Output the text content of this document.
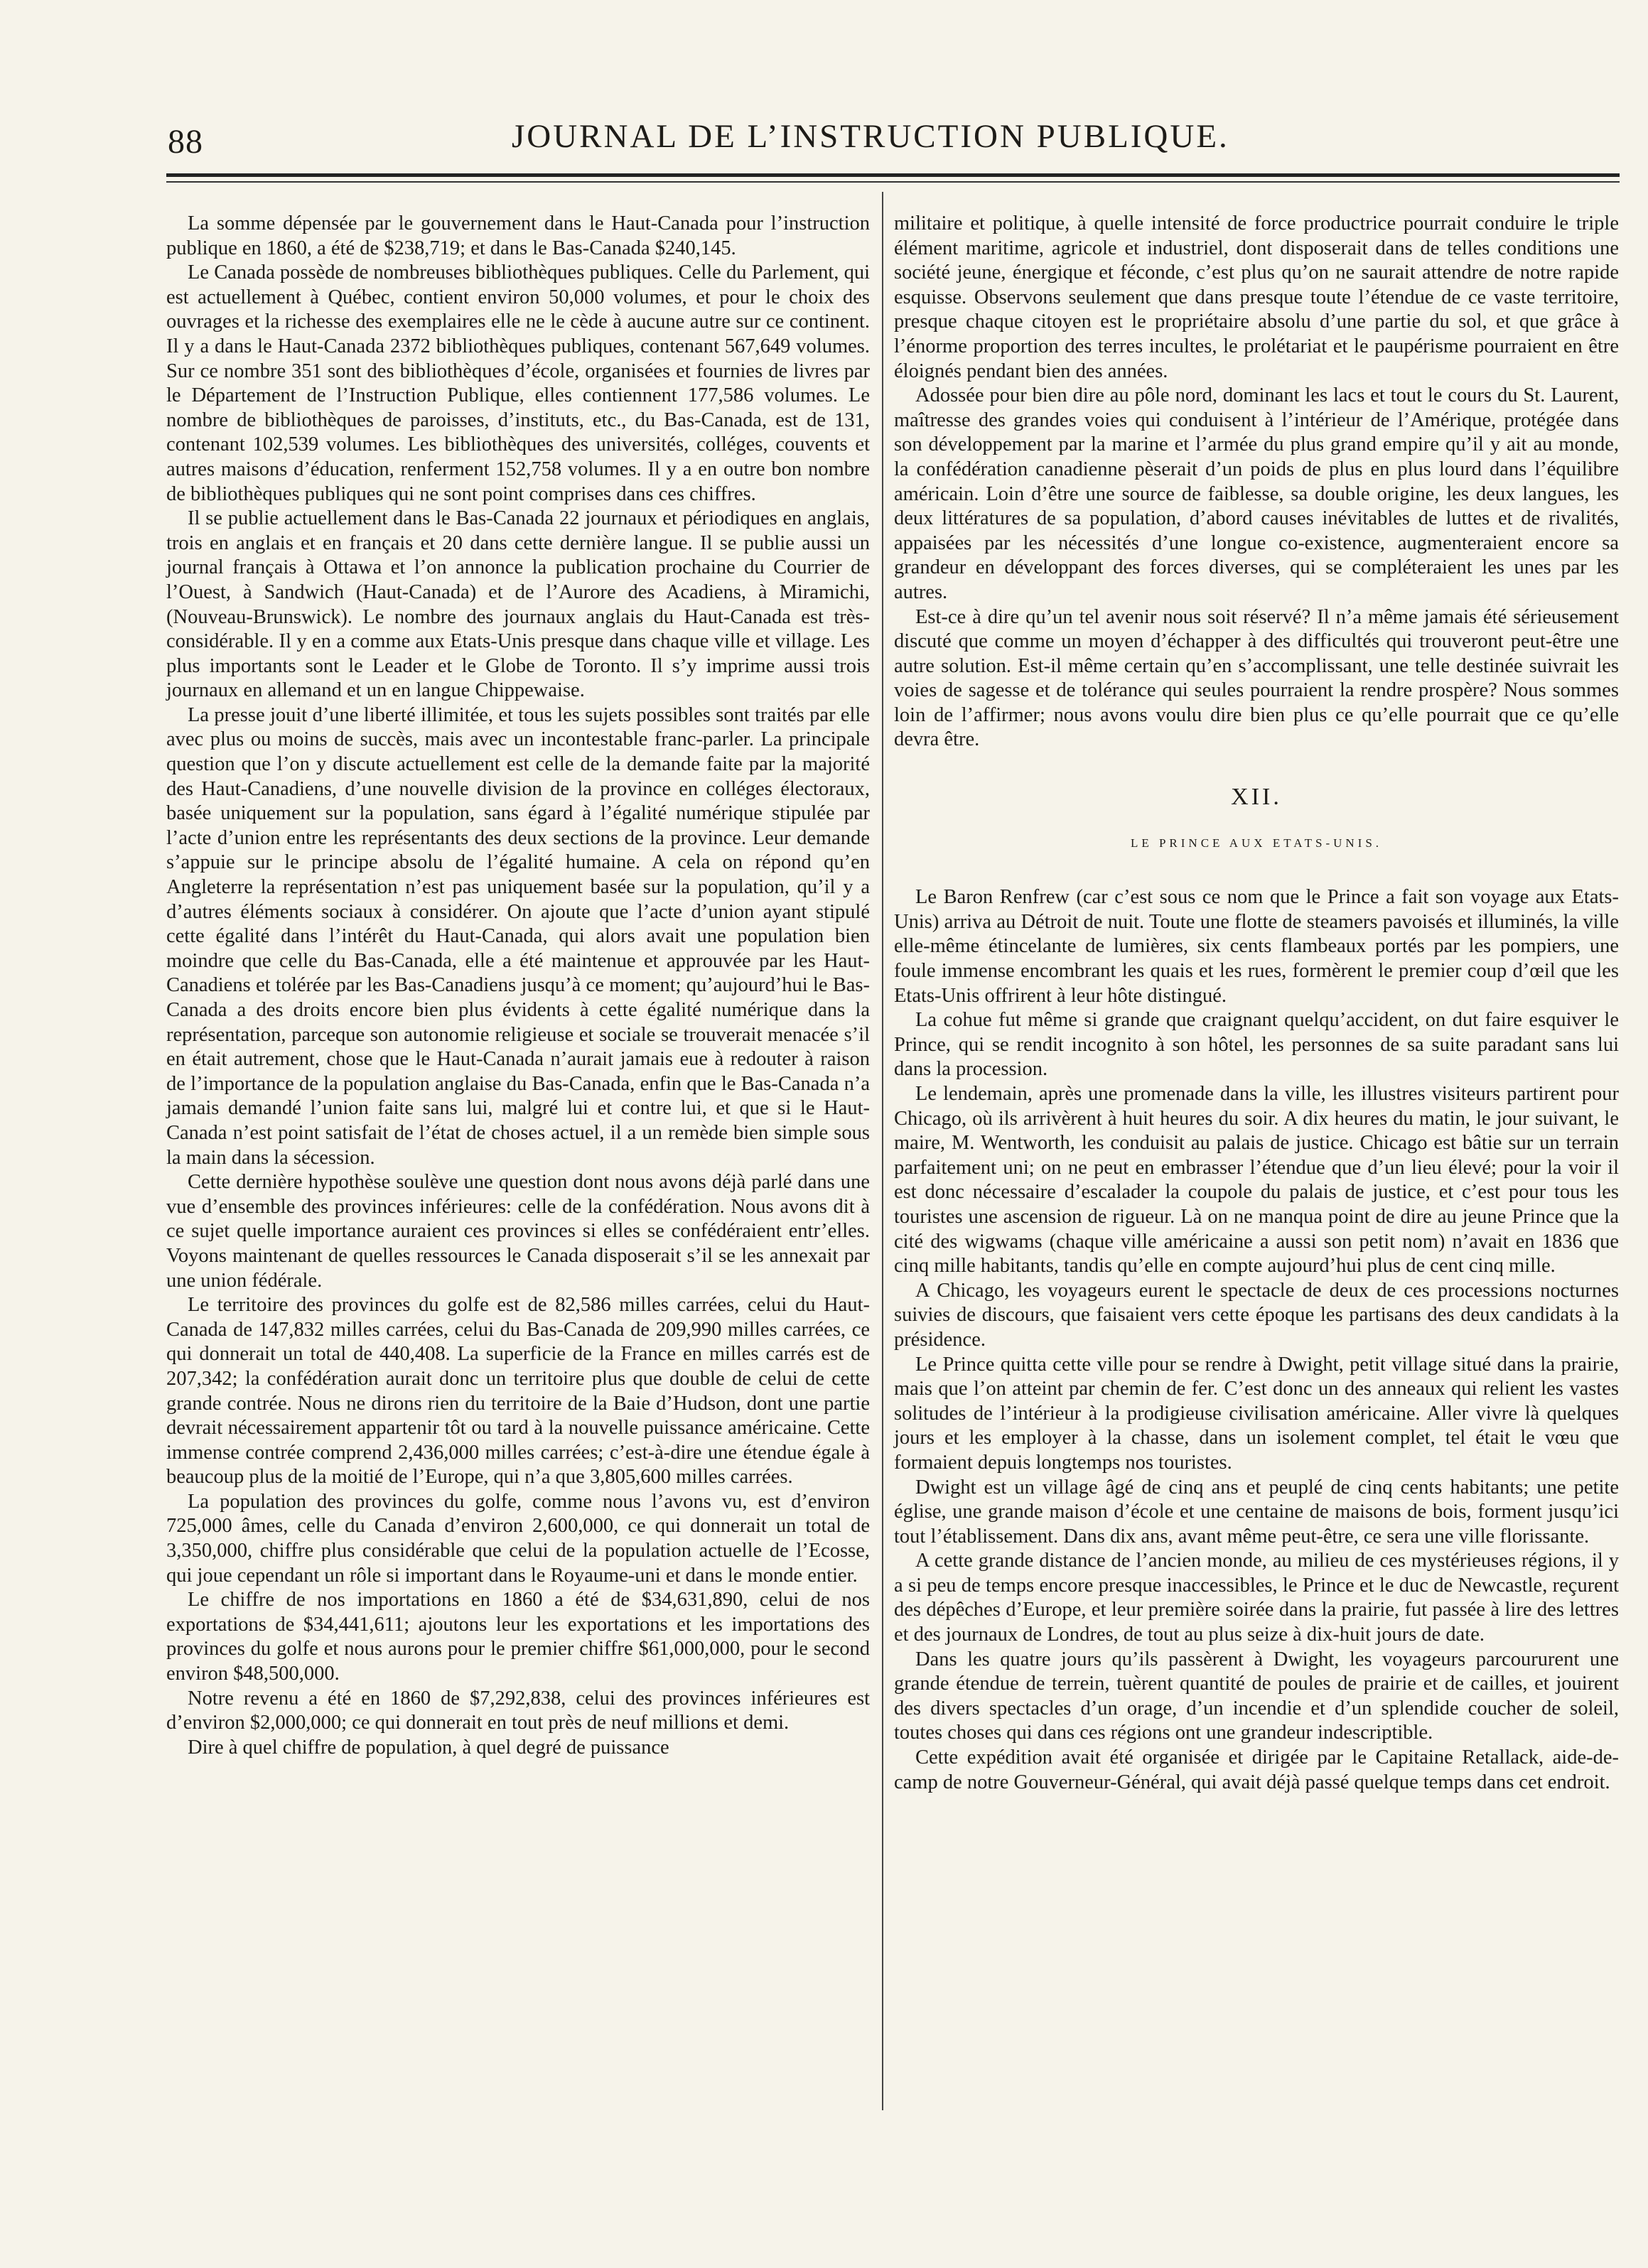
88	JOURNAL DE L’INSTRUCTION PUBLIQUE.

La somme dépensée par le gouvernement dans le Haut-Canada pour l’instruction publique en 1860, a été de $238,719; et dans le Bas-Canada $240,145.

Le Canada possède de nombreuses bibliothèques publiques. Celle du Parlement, qui est actuellement à Québec, contient environ 50,000 volumes, et pour le choix des ouvrages et la richesse des exemplaires elle ne le cède à aucune autre sur ce continent. Il y a dans le Haut-Canada 2372 bibliothèques publiques, contenant 567,649 volumes. Sur ce nombre 351 sont des bibliothèques d’école, organisées et fournies de livres par le Département de l’Instruction Publique, elles contiennent 177,586 volumes. Le nombre de bibliothèques de paroisses, d’instituts, etc., du Bas-Canada, est de 131, contenant 102,539 volumes. Les bibliothèques des universités, colléges, couvents et autres maisons d’éducation, renferment 152,758 volumes. Il y a en outre bon nombre de bibliothèques publiques qui ne sont point comprises dans ces chiffres.

Il se publie actuellement dans le Bas-Canada 22 journaux et périodiques en anglais, trois en anglais et en français et 20 dans cette dernière langue. Il se publie aussi un journal français à Ottawa et l’on annonce la publication prochaine du Courrier de l’Ouest, à Sandwich (Haut-Canada) et de l’Aurore des Acadiens, à Miramichi, (Nouveau-Brunswick). Le nombre des journaux anglais du Haut-Canada est très-considérable. Il y en a comme aux Etats-Unis presque dans chaque ville et village. Les plus importants sont le Leader et le Globe de Toronto. Il s’y imprime aussi trois journaux en allemand et un en langue Chippewaise.

La presse jouit d’une liberté illimitée, et tous les sujets possibles sont traités par elle avec plus ou moins de succès, mais avec un incontestable franc-parler. La principale question que l’on y discute actuellement est celle de la demande faite par la majorité des Haut-Canadiens, d’une nouvelle division de la province en colléges électoraux, basée uniquement sur la population, sans égard à l’égalité numérique stipulée par l’acte d’union entre les représentants des deux sections de la province. Leur demande s’appuie sur le principe absolu de l’égalité humaine. A cela on répond qu’en Angleterre la représentation n’est pas uniquement basée sur la population, qu’il y a d’autres éléments sociaux à considérer. On ajoute que l’acte d’union ayant stipulé cette égalité dans l’intérêt du Haut-Canada, qui alors avait une population bien moindre que celle du Bas-Canada, elle a été maintenue et approuvée par les Haut-Canadiens et tolérée par les Bas-Canadiens jusqu’à ce moment; qu’aujourd’hui le Bas-Canada a des droits encore bien plus évidents à cette égalité numérique dans la représentation, parceque son autonomie religieuse et sociale se trouverait menacée s’il en était autrement, chose que le Haut-Canada n’aurait jamais eue à redouter à raison de l’importance de la population anglaise du Bas-Canada, enfin que le Bas-Canada n’a jamais demandé l’union faite sans lui, malgré lui et contre lui, et que si le Haut-Canada n’est point satisfait de l’état de choses actuel, il a un remède bien simple sous la main dans la sécession.

Cette dernière hypothèse soulève une question dont nous avons déjà parlé dans une vue d’ensemble des provinces inférieures: celle de la confédération. Nous avons dit à ce sujet quelle importance auraient ces provinces si elles se confédéraient entr’elles. Voyons maintenant de quelles ressources le Canada disposerait s’il se les annexait par une union fédérale.

Le territoire des provinces du golfe est de 82,586 milles carrées, celui du Haut-Canada de 147,832 milles carrées, celui du Bas-Canada de 209,990 milles carrées, ce qui donnerait un total de 440,408. La superficie de la France en milles carrés est de 207,342; la confédération aurait donc un territoire plus que double de celui de cette grande contrée. Nous ne dirons rien du territoire de la Baie d’Hudson, dont une partie devrait nécessairement appartenir tôt ou tard à la nouvelle puissance américaine. Cette immense contrée comprend 2,436,000 milles carrées; c’est-à-dire une étendue égale à beaucoup plus de la moitié de l’Europe, qui n’a que 3,805,600 milles carrées.

La population des provinces du golfe, comme nous l’avons vu, est d’environ 725,000 âmes, celle du Canada d’environ 2,600,000, ce qui donnerait un total de 3,350,000, chiffre plus considérable que celui de la population actuelle de l’Ecosse, qui joue cependant un rôle si important dans le Royaume-uni et dans le monde entier.

Le chiffre de nos importations en 1860 a été de $34,631,890, celui de nos exportations de $34,441,611; ajoutons leur les exportations et les importations des provinces du golfe et nous aurons pour le premier chiffre $61,000,000, pour le second environ $48,500,000.

Notre revenu a été en 1860 de $7,292,838, celui des provinces inférieures est d’environ $2,000,000; ce qui donnerait en tout près de neuf millions et demi.

Dire à quel chiffre de population, à quel degré de puissance

militaire et politique, à quelle intensité de force productrice pourrait conduire le triple élément maritime, agricole et industriel, dont disposerait dans de telles conditions une société jeune, énergique et féconde, c’est plus qu’on ne saurait attendre de notre rapide esquisse. Observons seulement que dans presque toute l’étendue de ce vaste territoire, presque chaque citoyen est le propriétaire absolu d’une partie du sol, et que grâce à l’énorme proportion des terres incultes, le prolétariat et le paupérisme pourraient en être éloignés pendant bien des années.

Adossée pour bien dire au pôle nord, dominant les lacs et tout le cours du St. Laurent, maîtresse des grandes voies qui conduisent à l’intérieur de l’Amérique, protégée dans son développement par la marine et l’armée du plus grand empire qu’il y ait au monde, la confédération canadienne pèserait d’un poids de plus en plus lourd dans l’équilibre américain. Loin d’être une source de faiblesse, sa double origine, les deux langues, les deux littératures de sa population, d’abord causes inévitables de luttes et de rivalités, appaisées par les nécessités d’une longue co-existence, augmenteraient encore sa grandeur en développant des forces diverses, qui se compléteraient les unes par les autres.

Est-ce à dire qu’un tel avenir nous soit réservé? Il n’a même jamais été sérieusement discuté que comme un moyen d’échapper à des difficultés qui trouveront peut-être une autre solution. Est-il même certain qu’en s’accomplissant, une telle destinée suivrait les voies de sagesse et de tolérance qui seules pourraient la rendre prospère? Nous sommes loin de l’affirmer; nous avons voulu dire bien plus ce qu’elle pourrait que ce qu’elle devra être.

XII.
LE PRINCE AUX ETATS-UNIS.

Le Baron Renfrew (car c’est sous ce nom que le Prince a fait son voyage aux Etats-Unis) arriva au Détroit de nuit. Toute une flotte de steamers pavoisés et illuminés, la ville elle-même étincelante de lumières, six cents flambeaux portés par les pompiers, une foule immense encombrant les quais et les rues, formèrent le premier coup d’œil que les Etats-Unis offrirent à leur hôte distingué.

La cohue fut même si grande que craignant quelqu’accident, on dut faire esquiver le Prince, qui se rendit incognito à son hôtel, les personnes de sa suite paradant sans lui dans la procession.

Le lendemain, après une promenade dans la ville, les illustres visiteurs partirent pour Chicago, où ils arrivèrent à huit heures du soir. A dix heures du matin, le jour suivant, le maire, M. Wentworth, les conduisit au palais de justice. Chicago est bâtie sur un terrain parfaitement uni; on ne peut en embrasser l’étendue que d’un lieu élevé; pour la voir il est donc nécessaire d’escalader la coupole du palais de justice, et c’est pour tous les touristes une ascension de rigueur. Là on ne manqua point de dire au jeune Prince que la cité des wigwams (chaque ville américaine a aussi son petit nom) n’avait en 1836 que cinq mille habitants, tandis qu’elle en compte aujourd’hui plus de cent cinq mille.

A Chicago, les voyageurs eurent le spectacle de deux de ces processions nocturnes suivies de discours, que faisaient vers cette époque les partisans des deux candidats à la présidence.

Le Prince quitta cette ville pour se rendre à Dwight, petit village situé dans la prairie, mais que l’on atteint par chemin de fer. C’est donc un des anneaux qui relient les vastes solitudes de l’intérieur à la prodigieuse civilisation américaine. Aller vivre là quelques jours et les employer à la chasse, dans un isolement complet, tel était le vœu que formaient depuis longtemps nos touristes.

Dwight est un village âgé de cinq ans et peuplé de cinq cents habitants; une petite église, une grande maison d’école et une centaine de maisons de bois, forment jusqu’ici tout l’établissement. Dans dix ans, avant même peut-être, ce sera une ville florissante.

A cette grande distance de l’ancien monde, au milieu de ces mystérieuses régions, il y a si peu de temps encore presque inaccessibles, le Prince et le duc de Newcastle, reçurent des dépêches d’Europe, et leur première soirée dans la prairie, fut passée à lire des lettres et des journaux de Londres, de tout au plus seize à dix-huit jours de date.

Dans les quatre jours qu’ils passèrent à Dwight, les voyageurs parcoururent une grande étendue de terrein, tuèrent quantité de poules de prairie et de cailles, et jouirent des divers spectacles d’un orage, d’un incendie et d’un splendide coucher de soleil, toutes choses qui dans ces régions ont une grandeur indescriptible.

Cette expédition avait été organisée et dirigée par le Capitaine Retallack, aide-de-camp de notre Gouverneur-Général, qui avait déjà passé quelque temps dans cet endroit.
